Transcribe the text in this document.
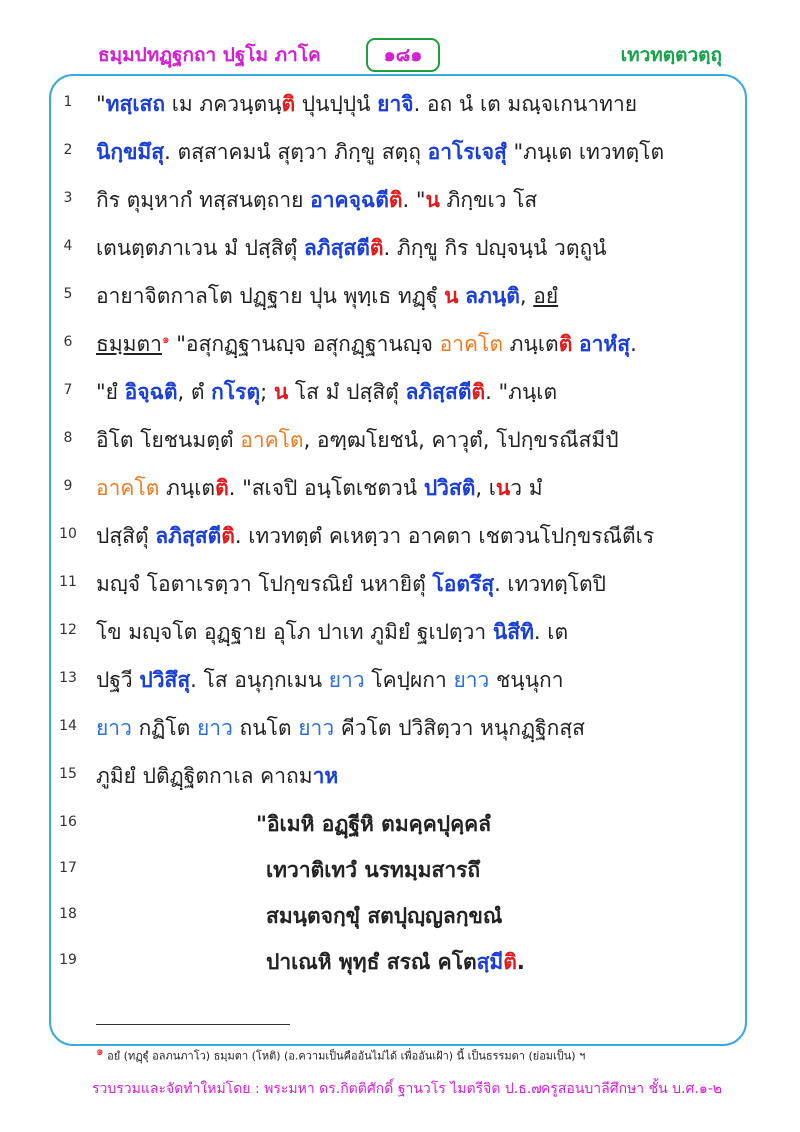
ธมฺมปทฏฺฐกถา ปฐโม ภาโค	๑๘๑	เทวทตฺตวตฺถุ
1	"ทสฺเสถ เม ภควนฺตนฺติ ปุนปฺปุนํ ยาจิ. อถ นํ เต มณฺจเกนาทาย
2	นิกฺขมึสุ. ตสฺสาคมนํ สุตฺวา ภิกฺขู สตฺถุ อาโรเจสุํ "ภนฺเต เทวทตฺโต
3	กิร ตุมฺหากํ ทสฺสนตฺถาย อาคจฺฉตีติ. "น ภิกฺขเว โส
4	เตนตฺตภาเวน มํ ปสฺสิตุํ ลภิสฺสตีติ. ภิกฺขู กิร ปญฺจนฺนํ วตฺถูนํ
5	อายาจิตกาลโต ปฏฺฐาย ปุน พุทฺเธ ทฏฺฐุํ น ลภนฺติ, อยํ
6	ธมฺมตา$^๑$ "อสุกฏฺฐานญฺจ อสุกฏฺฐานญฺจ อาคโต ภนฺเตติ อาหํสุ.
7	"ยํ อิจฺฉติ, ตํ กโรตุ; น โส มํ ปสฺสิตุํ ลภิสฺสตีติ. "ภนฺเต
8	อิโต โยชนมตฺตํ อาคโต, อฑฺฒโยชนํ, คาวุตํ, โปกฺขรณีสมีปํ
9	อาคโต ภนฺเตติ. "สเจปิ อนฺโตเชตวนํ ปวิสติ, เนว มํ
10 ปสฺสิตุํ ลภิสฺสตีติ. เทวทตฺตํ คเหตฺวา อาคตา เชตวนโปกฺขรณีตีเร
11 มญฺจํ โอตาเรตฺวา โปกฺขรณิยํ นหายิตุํ โอตรึสุ. เทวทตฺโตปิ
12 โข มญฺจโต อุฏฺฐาย อุโภ ปาเท ภูมิยํ ฐเปตฺวา นิสีทิ. เต
13 ปฐวี ปวิสึสุ. โส อนุกฺกเมน ยาว โคปฺผกา ยาว ชนฺนุกา
14 ยาว กฏิโต ยาว ถนโต ยาว คีวโต ปวิสิตฺวา หนุกฏฺฐิกสฺส
15 ภูมิยํ ปติฏฺฐิตกาเล คาถมาห
16	"อิเมหิ อฏฺฐีหิ ตมคฺคปุคฺคลํ
17	เทวาติเทวํ นรทมฺมสารถึ
18	สมนฺตจกฺขุํ สตปุญฺญลกฺขณํ
19	ปาเณหิ พุทฺธํ สรณํ คโตสฺมีติ.
๑ อยํ (ทฏฺฐุํ อลภนภาโว) ธมฺมตา (โหติ) (อ.ความเป็นคืออันไม่ได้ เพื่ออันเฝ้า) นี้ เป็นธรรมดา (ย่อมเป็น) ฯ
รวบรวมและจัดทำใหม่โดย : พระมหา ดร.กิตติศักดิ์ ฐานวโร ไมตรีจิต ป.ธ.๗ ครูสอนบาลีศึกษา ชั้น บ.ศ.๑-๒
